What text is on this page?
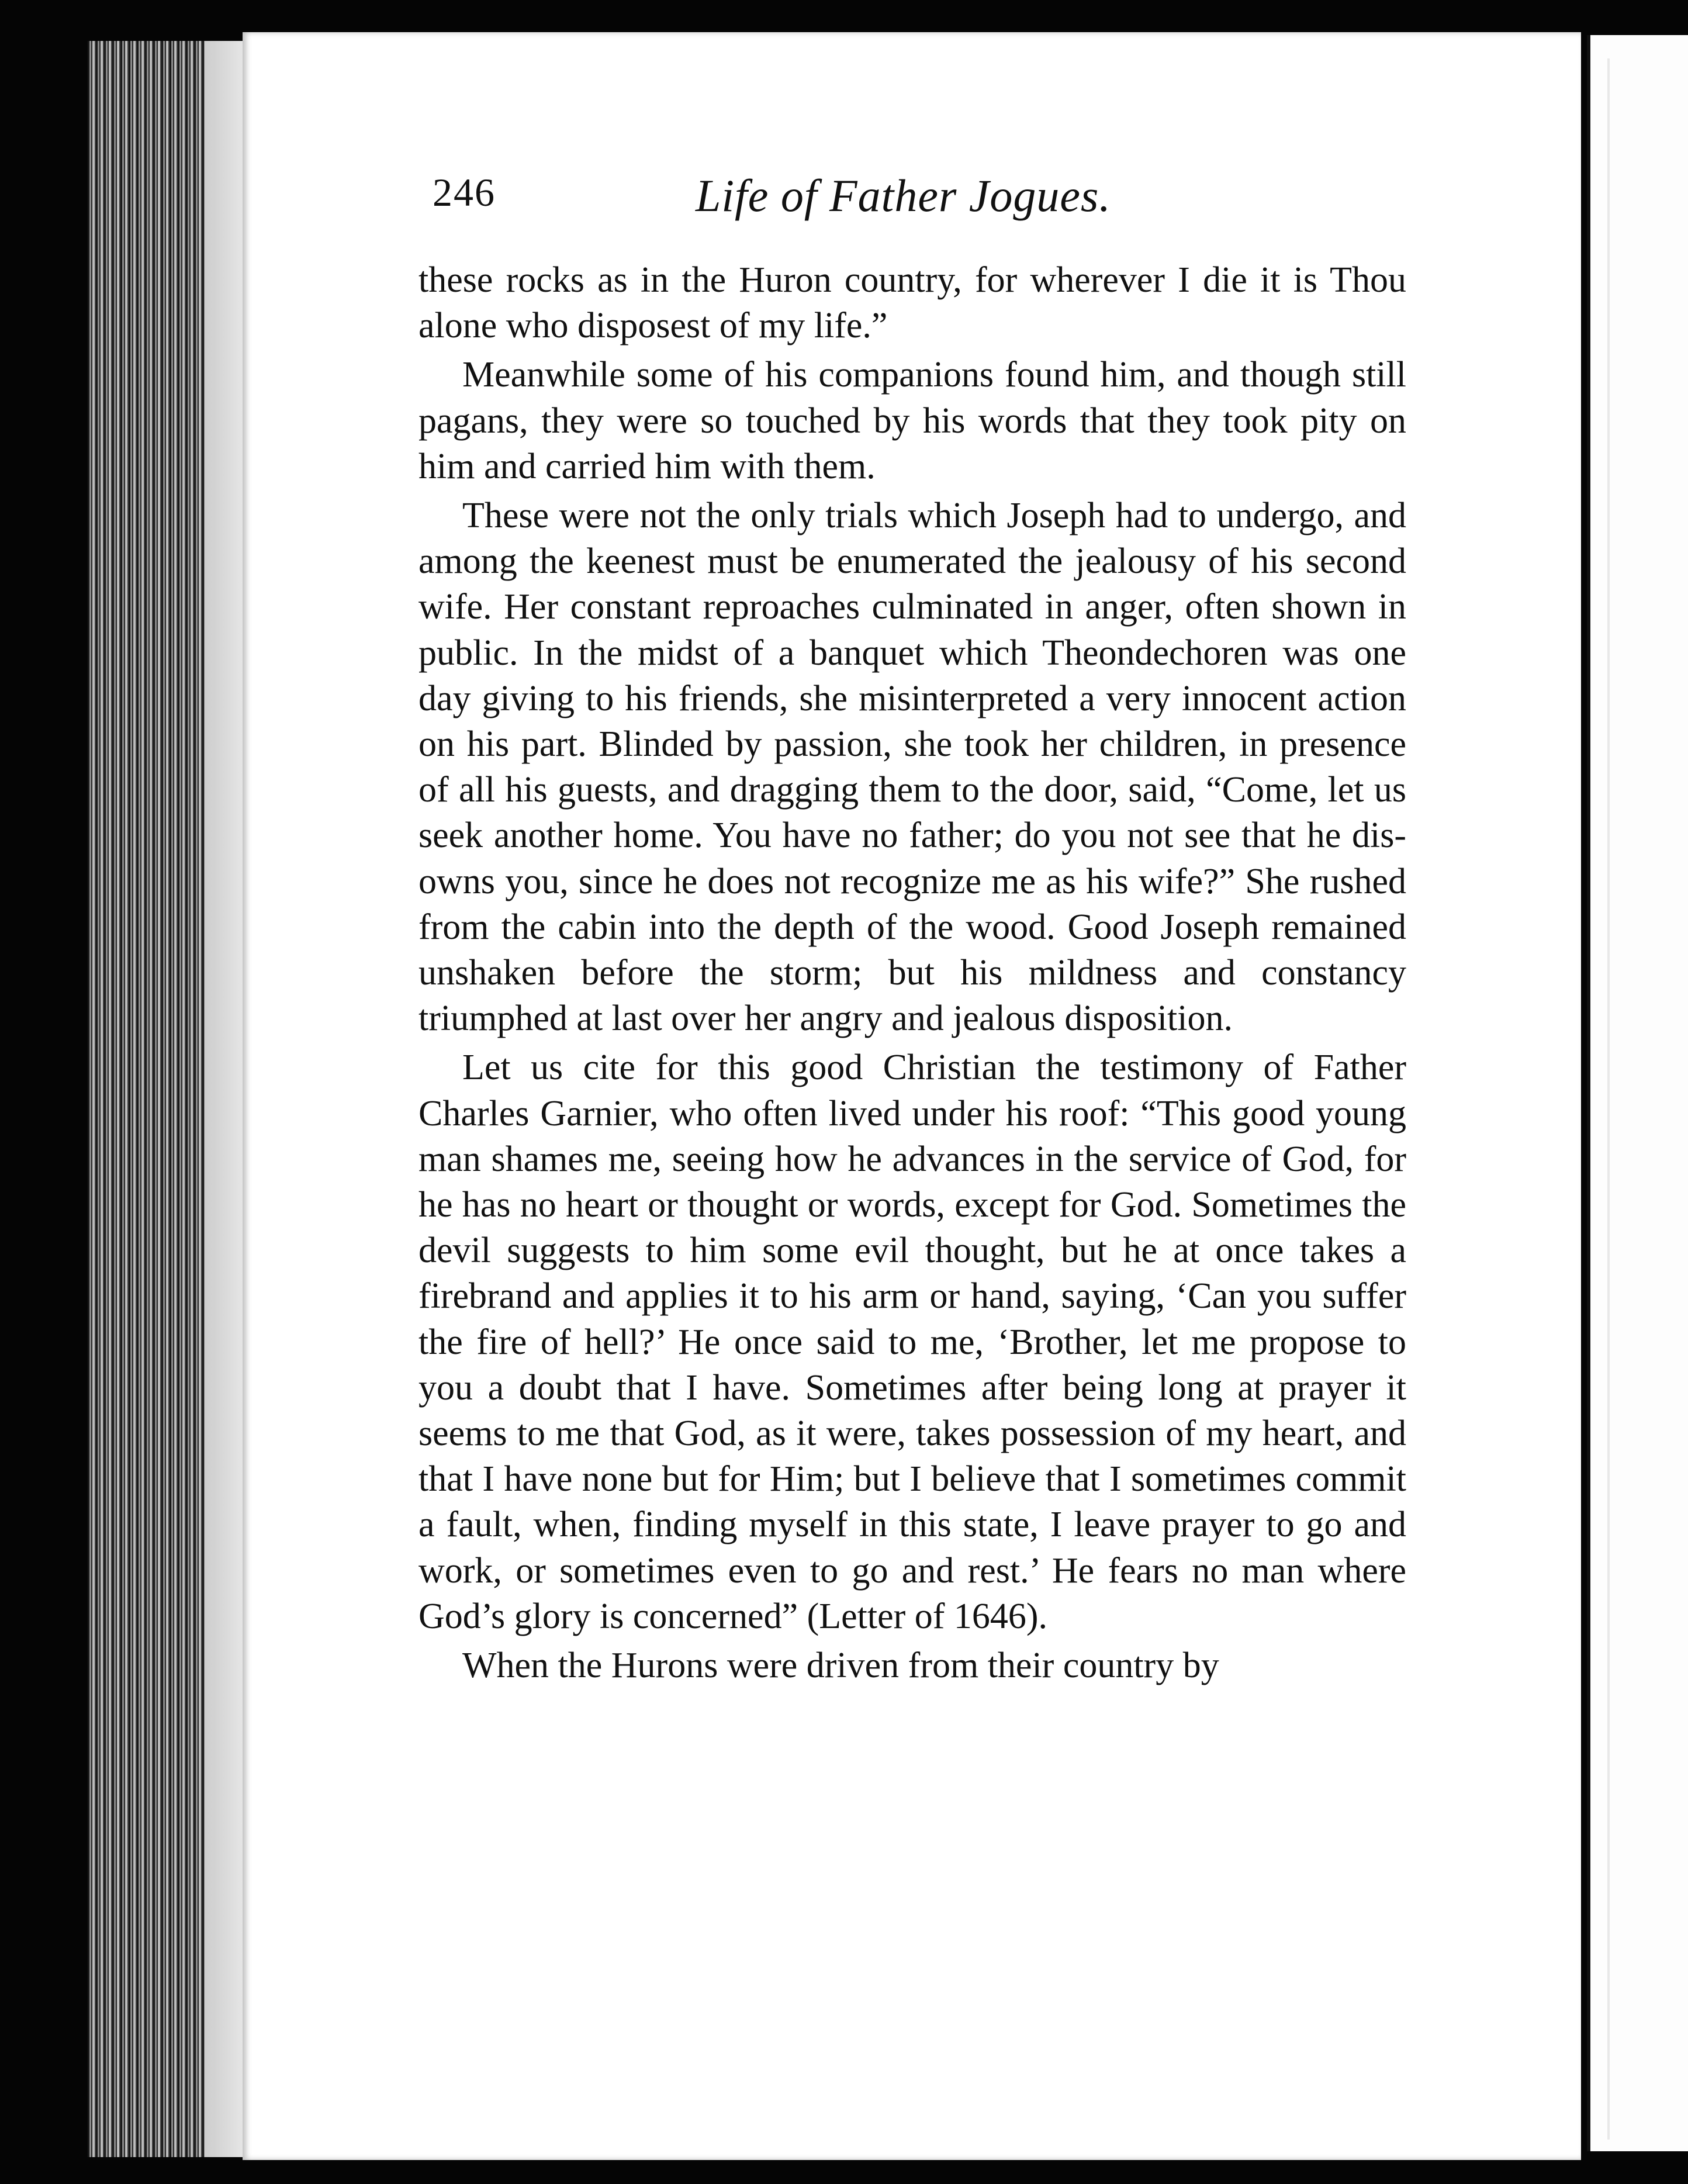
246	Life of Father Jogues.

these rocks as in the Huron country, for wherever I die it is Thou alone who disposest of my life.”

Meanwhile some of his companions found him, and though still pagans, they were so touched by his words that they took pity on him and carried him with them.

These were not the only trials which Joseph had to undergo, and among the keenest must be enumerated the jealousy of his second wife. Her constant reproaches culminated in anger, often shown in public. In the midst of a banquet which Theondechoren was one day giving to his friends, she misinterpreted a very innocent action on his part. Blinded by passion, she took her children, in presence of all his guests, and dragging them to the door, said, “Come, let us seek another home. You have no father; do you not see that he disowns you, since he does not recognize me as his wife?” She rushed from the cabin into the depth of the wood. Good Joseph remained unshaken before the storm; but his mildness and constancy triumphed at last over her angry and jealous disposition.

Let us cite for this good Christian the testimony of Father Charles Garnier, who often lived under his roof: “This good young man shames me, seeing how he advances in the service of God, for he has no heart or thought or words, except for God. Sometimes the devil suggests to him some evil thought, but he at once takes a firebrand and applies it to his arm or hand, saying, ‘Can you suffer the fire of hell?’ He once said to me, ‘Brother, let me propose to you a doubt that I have. Sometimes after being long at prayer it seems to me that God, as it were, takes possession of my heart, and that I have none but for Him; but I believe that I sometimes commit a fault, when, finding myself in this state, I leave prayer to go and work, or sometimes even to go and rest.’ He fears no man where God’s glory is concerned” (Letter of 1646).

When the Hurons were driven from their country by
